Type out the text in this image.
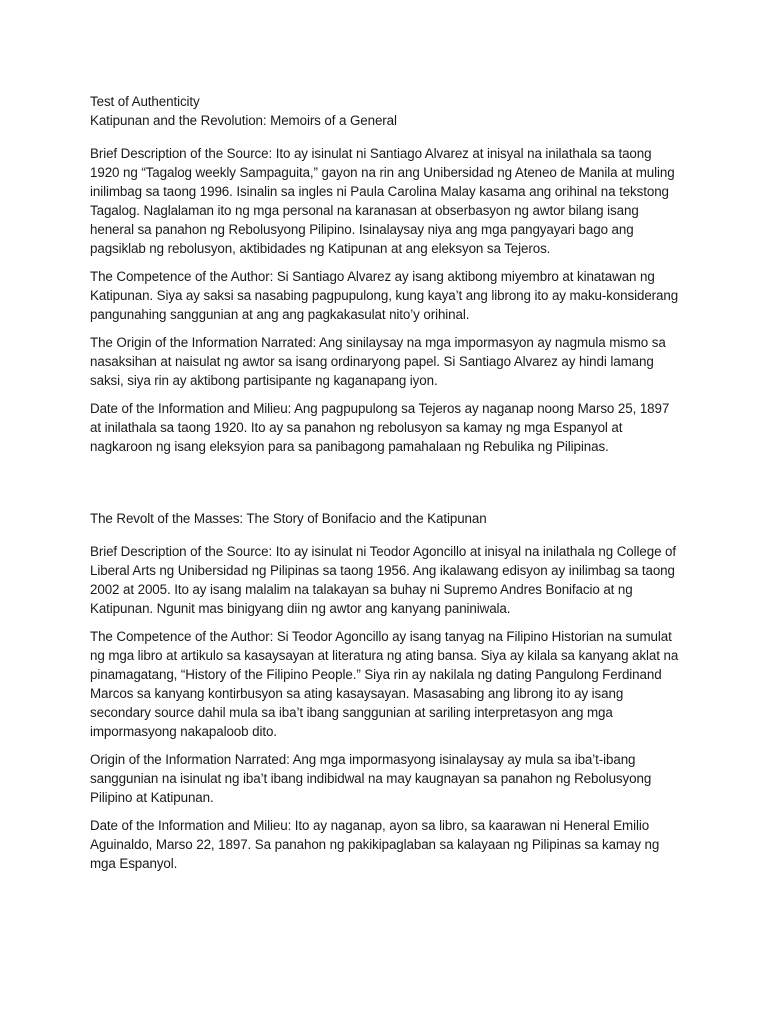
Test of Authenticity

Katipunan and the Revolution: Memoirs of a General

Brief Description of the Source: Ito ay isinulat ni Santiago Alvarez at inisyal na inilathala sa taong 1920 ng “Tagalog weekly Sampaguita,” gayon na rin ang Unibersidad ng Ateneo de Manila at muling inilimbag sa taong 1996. Isinalin sa ingles ni Paula Carolina Malay kasama ang orihinal na tekstong Tagalog. Naglalaman ito ng mga personal na karanasan at obserbasyon ng awtor bilang isang heneral sa panahon ng Rebolusyong Pilipino. Isinalaysay niya ang mga pangyayari bago ang pagsiklab ng rebolusyon, aktibidades ng Katipunan at ang eleksyon sa Tejeros.

The Competence of the Author: Si Santiago Alvarez ay isang aktibong miyembro at kinatawan ng Katipunan. Siya ay saksi sa nasabing pagpupulong, kung kaya’t ang librong ito ay maku-konsiderang pangunahing sanggunian at ang ang pagkakasulat nito’y orihinal.

The Origin of the Information Narrated: Ang sinilaysay na mga impormasyon ay nagmula mismo sa nasaksihan at naisulat ng awtor sa isang ordinaryong papel. Si Santiago Alvarez ay hindi lamang saksi, siya rin ay aktibong partisipante ng kaganapang iyon.

Date of the Information and Milieu: Ang pagpupulong sa Tejeros ay naganap noong Marso 25, 1897 at inilathala sa taong 1920. Ito ay sa panahon ng rebolusyon sa kamay ng mga Espanyol at nagkaroon ng isang eleksyion para sa panibagong pamahalaan ng Rebulika ng Pilipinas.

The Revolt of the Masses: The Story of Bonifacio and the Katipunan

Brief Description of the Source: Ito ay isinulat ni Teodor Agoncillo at inisyal na inilathala ng College of Liberal Arts ng Unibersidad ng Pilipinas sa taong 1956. Ang ikalawang edisyon ay inilimbag sa taong 2002 at 2005. Ito ay isang malalim na talakayan sa buhay ni Supremo Andres Bonifacio at ng Katipunan. Ngunit mas binigyang diin ng awtor ang kanyang paniniwala.

The Competence of the Author: Si Teodor Agoncillo ay isang tanyag na Filipino Historian na sumulat ng mga libro at artikulo sa kasaysayan at literatura ng ating bansa. Siya ay kilala sa kanyang aklat na pinamagatang, “History of the Filipino People.” Siya rin ay nakilala ng dating Pangulong Ferdinand Marcos sa kanyang kontirbusyon sa ating kasaysayan. Masasabing ang librong ito ay isang secondary source dahil mula sa iba’t ibang sanggunian at sariling interpretasyon ang mga impormasyong nakapaloob dito.

Origin of the Information Narrated: Ang mga impormasyong isinalaysay ay mula sa iba’t-ibang sanggunian na isinulat ng iba’t ibang indibidwal na may kaugnayan sa panahon ng Rebolusyong Pilipino at Katipunan.

Date of the Information and Milieu: Ito ay naganap, ayon sa libro, sa kaarawan ni Heneral Emilio Aguinaldo, Marso 22, 1897. Sa panahon ng pakikipaglaban sa kalayaan ng Pilipinas sa kamay ng mga Espanyol.
